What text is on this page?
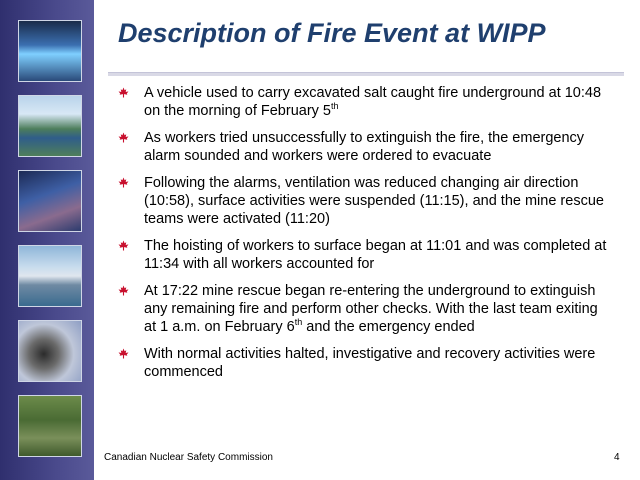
Description of Fire Event at WIPP
A vehicle used to carry excavated salt caught fire underground at 10:48 on the morning of February 5th
As workers tried unsuccessfully to extinguish the fire, the emergency alarm sounded and workers were ordered to evacuate
Following the alarms, ventilation was reduced changing air direction (10:58), surface activities were suspended (11:15), and the mine rescue teams were activated (11:20)
The hoisting of workers to surface began at 11:01 and was completed at 11:34 with all workers accounted for
At 17:22 mine rescue began re-entering the underground to extinguish any remaining fire and perform other checks. With the last team exiting at 1 a.m. on February 6th and the emergency ended
With normal activities halted, investigative and recovery activities were commenced
Canadian Nuclear Safety Commission	4
